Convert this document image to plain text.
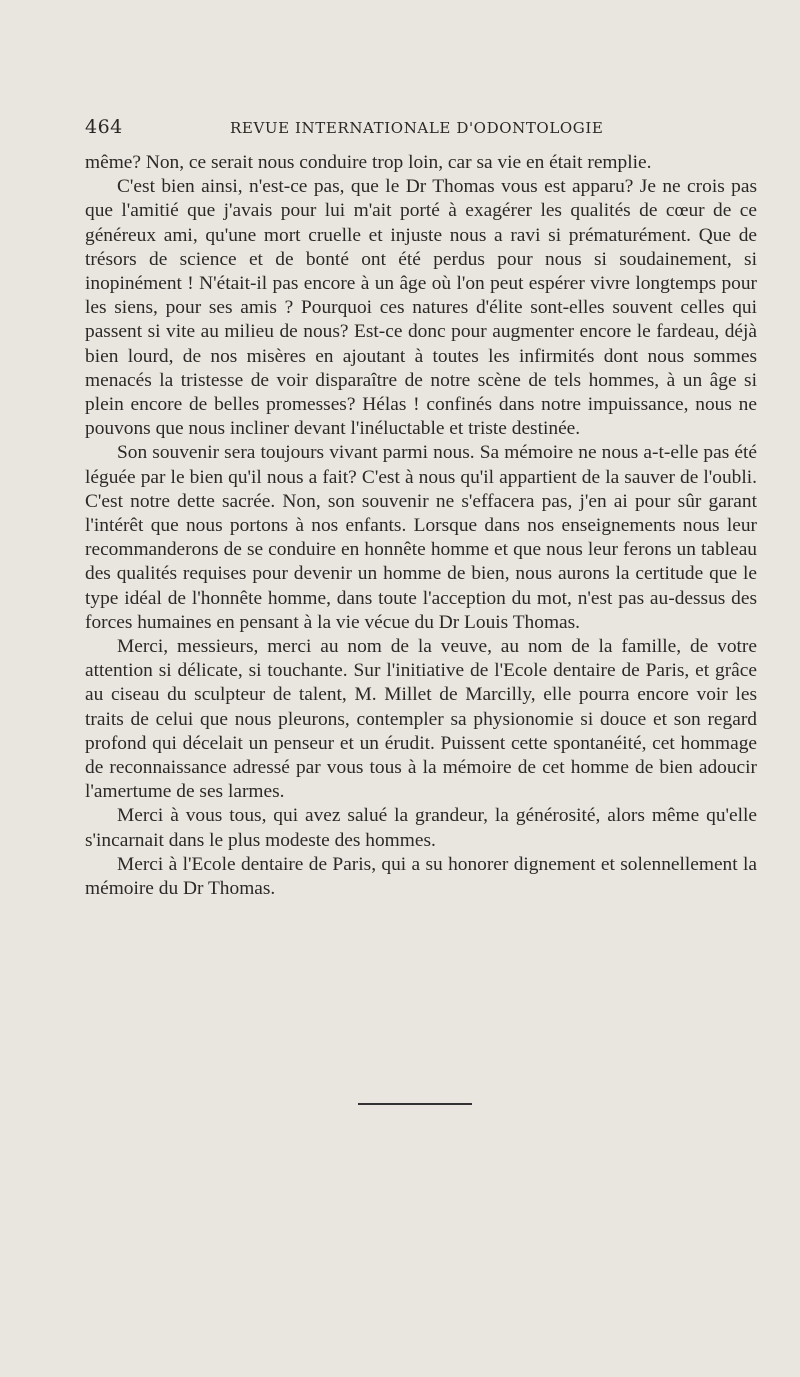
464	REVUE INTERNATIONALE D'ODONTOLOGIE

même? Non, ce serait nous conduire trop loin, car sa vie en était remplie.

C'est bien ainsi, n'est-ce pas, que le Dr Thomas vous est apparu? Je ne crois pas que l'amitié que j'avais pour lui m'ait porté à exagérer les qualités de cœur de ce généreux ami, qu'une mort cruelle et injuste nous a ravi si prématurément. Que de trésors de science et de bonté ont été perdus pour nous si soudainement, si inopinément ! N'était-il pas encore à un âge où l'on peut espérer vivre longtemps pour les siens, pour ses amis ? Pourquoi ces natures d'élite sont-elles souvent celles qui passent si vite au milieu de nous? Est-ce donc pour augmenter encore le fardeau, déjà bien lourd, de nos misères en ajoutant à toutes les infirmités dont nous sommes menacés la tristesse de voir disparaître de notre scène de tels hommes, à un âge si plein encore de belles promesses? Hélas ! confinés dans notre impuissance, nous ne pouvons que nous incliner devant l'inéluctable et triste destinée.

Son souvenir sera toujours vivant parmi nous. Sa mémoire ne nous a-t-elle pas été léguée par le bien qu'il nous a fait? C'est à nous qu'il appartient de la sauver de l'oubli. C'est notre dette sacrée. Non, son souvenir ne s'effacera pas, j'en ai pour sûr garant l'intérêt que nous portons à nos enfants. Lorsque dans nos enseignements nous leur recommanderons de se conduire en honnête homme et que nous leur ferons un tableau des qualités requises pour devenir un homme de bien, nous aurons la certitude que le type idéal de l'honnête homme, dans toute l'acception du mot, n'est pas au-dessus des forces humaines en pensant à la vie vécue du Dr Louis Thomas.

Merci, messieurs, merci au nom de la veuve, au nom de la famille, de votre attention si délicate, si touchante. Sur l'initiative de l'Ecole dentaire de Paris, et grâce au ciseau du sculpteur de talent, M. Millet de Marcilly, elle pourra encore voir les traits de celui que nous pleurons, contempler sa physionomie si douce et son regard profond qui décelait un penseur et un érudit. Puissent cette spontanéité, cet hommage de reconnaissance adressé par vous tous à la mémoire de cet homme de bien adoucir l'amertume de ses larmes.

Merci à vous tous, qui avez salué la grandeur, la générosité, alors même qu'elle s'incarnait dans le plus modeste des hommes.

Merci à l'Ecole dentaire de Paris, qui a su honorer dignement et solennellement la mémoire du Dr Thomas.
